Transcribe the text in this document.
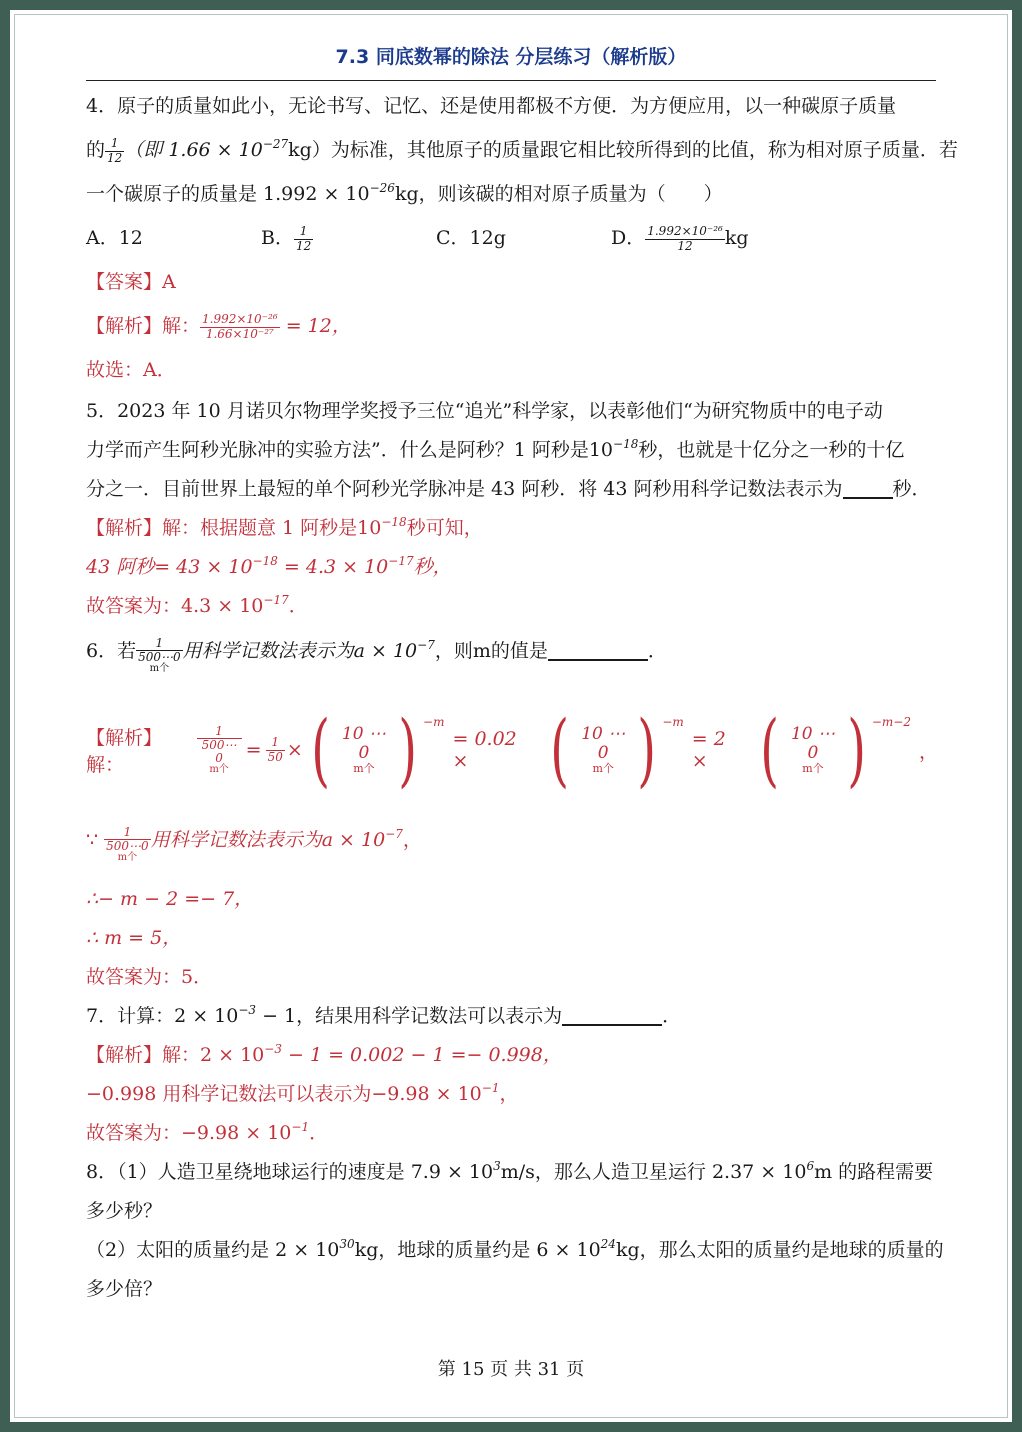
7.3 同底数幂的除法 分层练习（解析版）
4．原子的质量如此小，无论书写、记忆、还是使用都极不方便．为方便应用，以一种碳原子质量
的 $\frac{1}{12}$ （即 $1.66 \times 10^{-27}kg$）为标准，其他原子的质量跟它相比较所得到的比值，称为相对原子质量．若
一个碳原子的质量是 $1.992 \times 10^{-26}kg$，则该碳的相对原子质量为（　　）
A．12	B． $\frac{1}{12}$	C．12g	D． $\frac{\text{1.992×10⁻²⁶}}{12}$ kg
【答案】A
【解析】解： $\frac{\text{1.992×10⁻²⁶}}{\text{1.66×10⁻²⁷}} = 12$，
故选：A．
5．2023 年 10 月诺贝尔物理学奖授予三位“追光”科学家，以表彰他们“为研究物质中的电子动
力学而产生阿秒光脉冲的实验方法”．什么是阿秒？1 阿秒是$10^{-18}$秒，也就是十亿分之一秒的十亿
分之一．目前世界上最短的单个阿秒光学脉冲是 43 阿秒．将 43 阿秒用科学记数法表示为	秒．
【解析】解：根据题意 1 阿秒是$10^{-18}$秒可知，
43 阿秒= $43 \times 10^{-18} = 4.3 \times 10^{-17}$秒，
故答案为：$4.3 \times 10^{-17}$．
6．若	1
500⋯0
m个
用科学记数法表示为$a \times 10^{-7}$，则m的值是	．
【解析】解：
1
500⋯0
m个
= $\frac{1}{50}$ × ( 10 ⋯ 0
m个 ) $^{-m}$
= 0.02 ×	( 10 ⋯ 0
m个 ) $^{-m}$
= 2 × ( 10 ⋯ 0
m个 ) $^{-m-2}$
，
∵	1
500⋯0
m个
用科学记数法表示为$a \times 10^{-7}$，
∴− m − 2 =− 7，
∴ m = 5，
故答案为：5．
7．计算：$2 \times 10^{-3} - 1$，结果用科学记数法可以表示为	．
【解析】解：$2 \times 10^{-3} - 1 = 0.002 - 1 =- 0.998$，
−0.998 用科学记数法可以表示为$-9.98 \times 10^{-1}$，
故答案为：$-9.98 \times 10^{-1}$．
8．（1）人造卫星绕地球运行的速度是 $7.9 \times 10^3m/s$，那么人造卫星运行 $2.37 \times 10^6m$ 的路程需要
多少秒？
（2）太阳的质量约是 $2 \times 10^{30}kg$，地球的质量约是 $6 \times 10^{24}kg$，那么太阳的质量约是地球的质量的
多少倍？
第 15 页 共 31 页
